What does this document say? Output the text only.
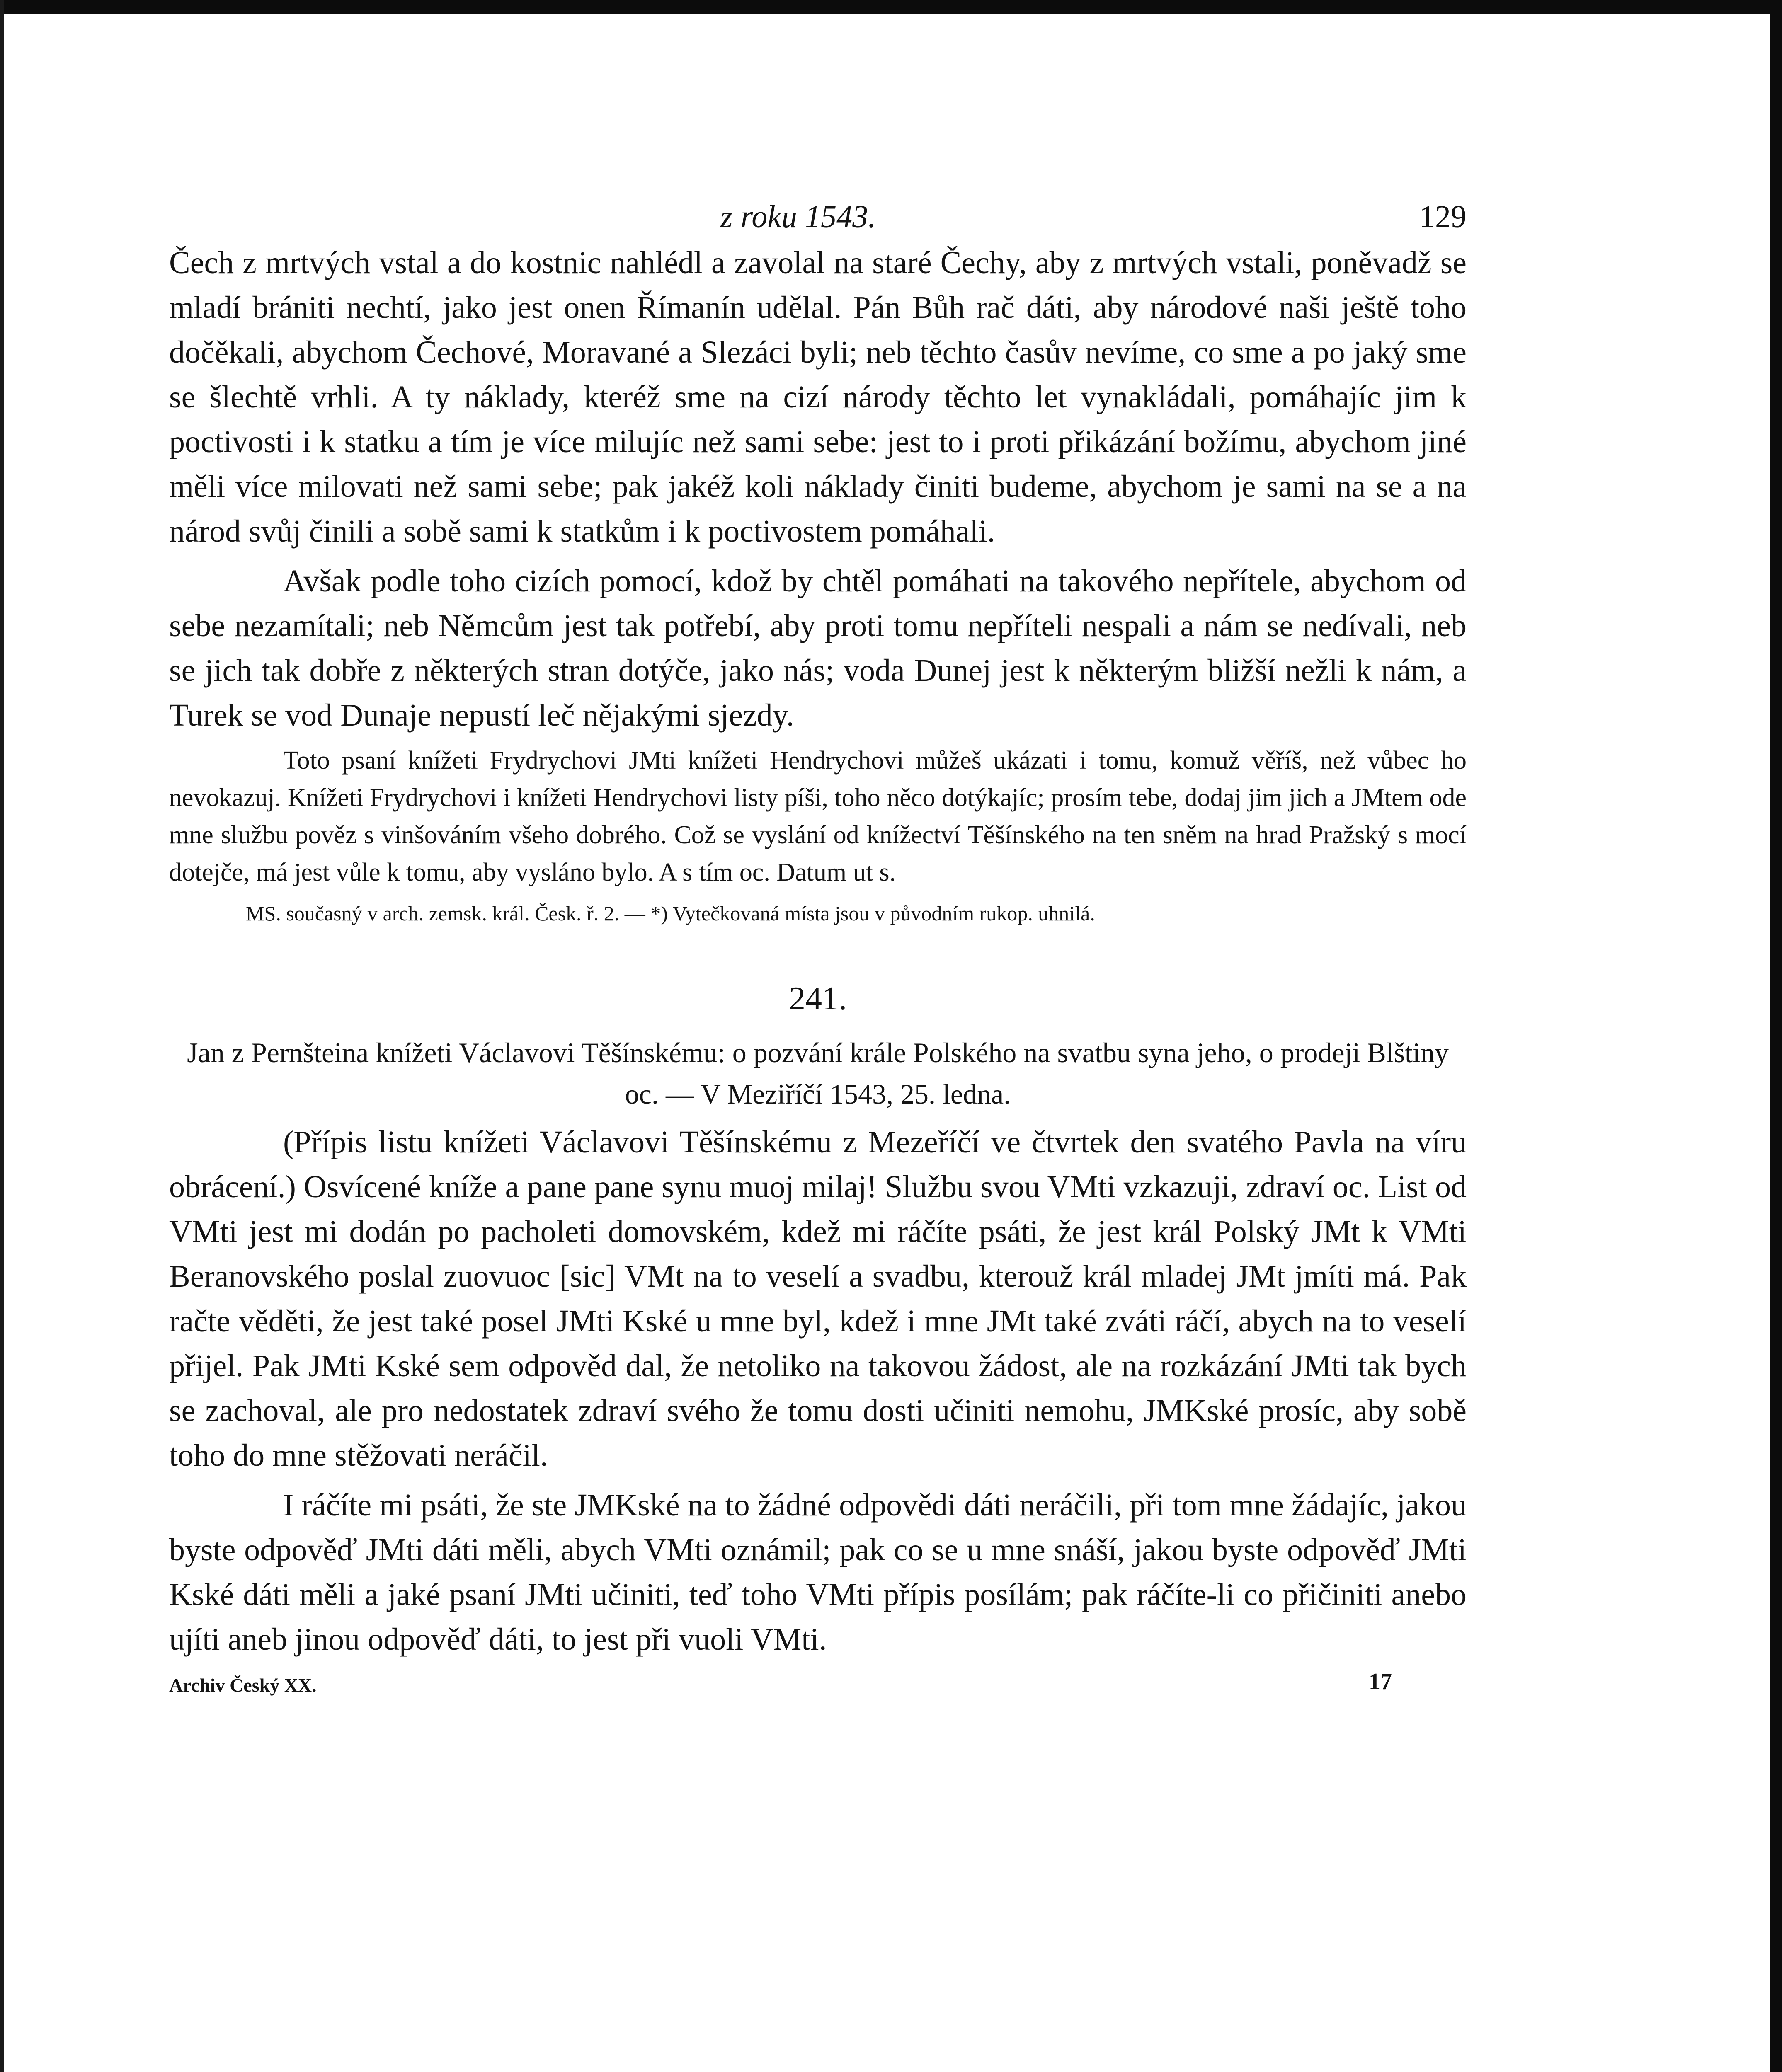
z roku 1543.	129

Čech z mrtvých vstal a do kostnic nahlédl a zavolal na staré Čechy, aby z mrtvých vstali, poněvadž se mladí brániti nechtí, jako jest onen Římanín udělal. Pán Bůh rač dáti, aby národové naši ještě toho dočěkali, abychom Čechové, Moravané a Slezáci byli; neb těchto časův nevíme, co sme a po jaký sme se šlechtě vrhli. A ty náklady, kteréž sme na cizí národy těchto let vynakládali, pomáhajíc jim k poctivosti i k statku a tím je více milujíc než sami sebe: jest to i proti přikázání božímu, abychom jiné měli více milovati než sami sebe; pak jakéž koli náklady činiti budeme, abychom je sami na se a na národ svůj činili a sobě sami k statkům i k poctivostem pomáhali.

Avšak podle toho cizích pomocí, kdož by chtěl pomáhati na takového nepřítele, abychom od sebe nezamítali; neb Němcům jest tak potřebí, aby proti tomu nepříteli nespali a nám se nedívali, neb se jich tak dobře z některých stran dotýče, jako nás; voda Dunej jest k některým bližší nežli k nám, a Turek se vod Dunaje nepustí leč nějakými sjezdy.

Toto psaní knížeti Frydrychovi JMti knížeti Hendrychovi můžeš ukázati i tomu, komuž věříš, než vůbec ho nevokazuj. Knížeti Frydrychovi i knížeti Hendrychovi listy píši, toho něco dotýkajíc; prosím tebe, dodaj jim jich a JMtem ode mne službu pověz s vinšováním všeho dobrého. Což se vyslání od knížectví Těšínského na ten sněm na hrad Pražský s mocí dotejče, má jest vůle k tomu, aby vysláno bylo. A s tím oc. Datum ut s.

MS. současný v arch. zemsk. král. Česk. ř. 2. — *) Vytečkovaná místa jsou v původním rukop. uhnilá.

241.

Jan z Pernšteina knížeti Václavovi Těšínskému: o pozvání krále Polského na svatbu syna jeho, o prodeji Blštiny oc. — V Meziříčí 1543, 25. ledna.

(Přípis listu knížeti Václavovi Těšínskému z Mezeříčí ve čtvrtek den svatého Pavla na víru obrácení.) Osvícené kníže a pane pane synu muoj milaj! Službu svou VMti vzkazuji, zdraví oc. List od VMti jest mi dodán po pacholeti domovském, kdež mi ráčíte psáti, že jest král Polský JMt k VMti Beranovského poslal zuovuoc [sic] VMt na to veselí a svadbu, kterouž král mladej JMt jmíti má. Pak račte věděti, že jest také posel JMti Kské u mne byl, kdež i mne JMt také zváti ráčí, abych na to veselí přijel. Pak JMti Kské sem odpověd dal, že netoliko na takovou žádost, ale na rozkázání JMti tak bych se zachoval, ale pro nedostatek zdraví svého že tomu dosti učiniti nemohu, JMKské prosíc, aby sobě toho do mne stěžovati neráčil.

I ráčíte mi psáti, že ste JMKské na to žádné odpovědi dáti neráčili, při tom mne žádajíc, jakou byste odpověď JMti dáti měli, abych VMti oznámil; pak co se u mne snáší, jakou byste odpověď JMti Kské dáti měli a jaké psaní JMti učiniti, teď toho VMti přípis posílám; pak ráčíte-li co přičiniti anebo ujíti aneb jinou odpověď dáti, to jest při vuoli VMti.

Archiv Český XX.	17
